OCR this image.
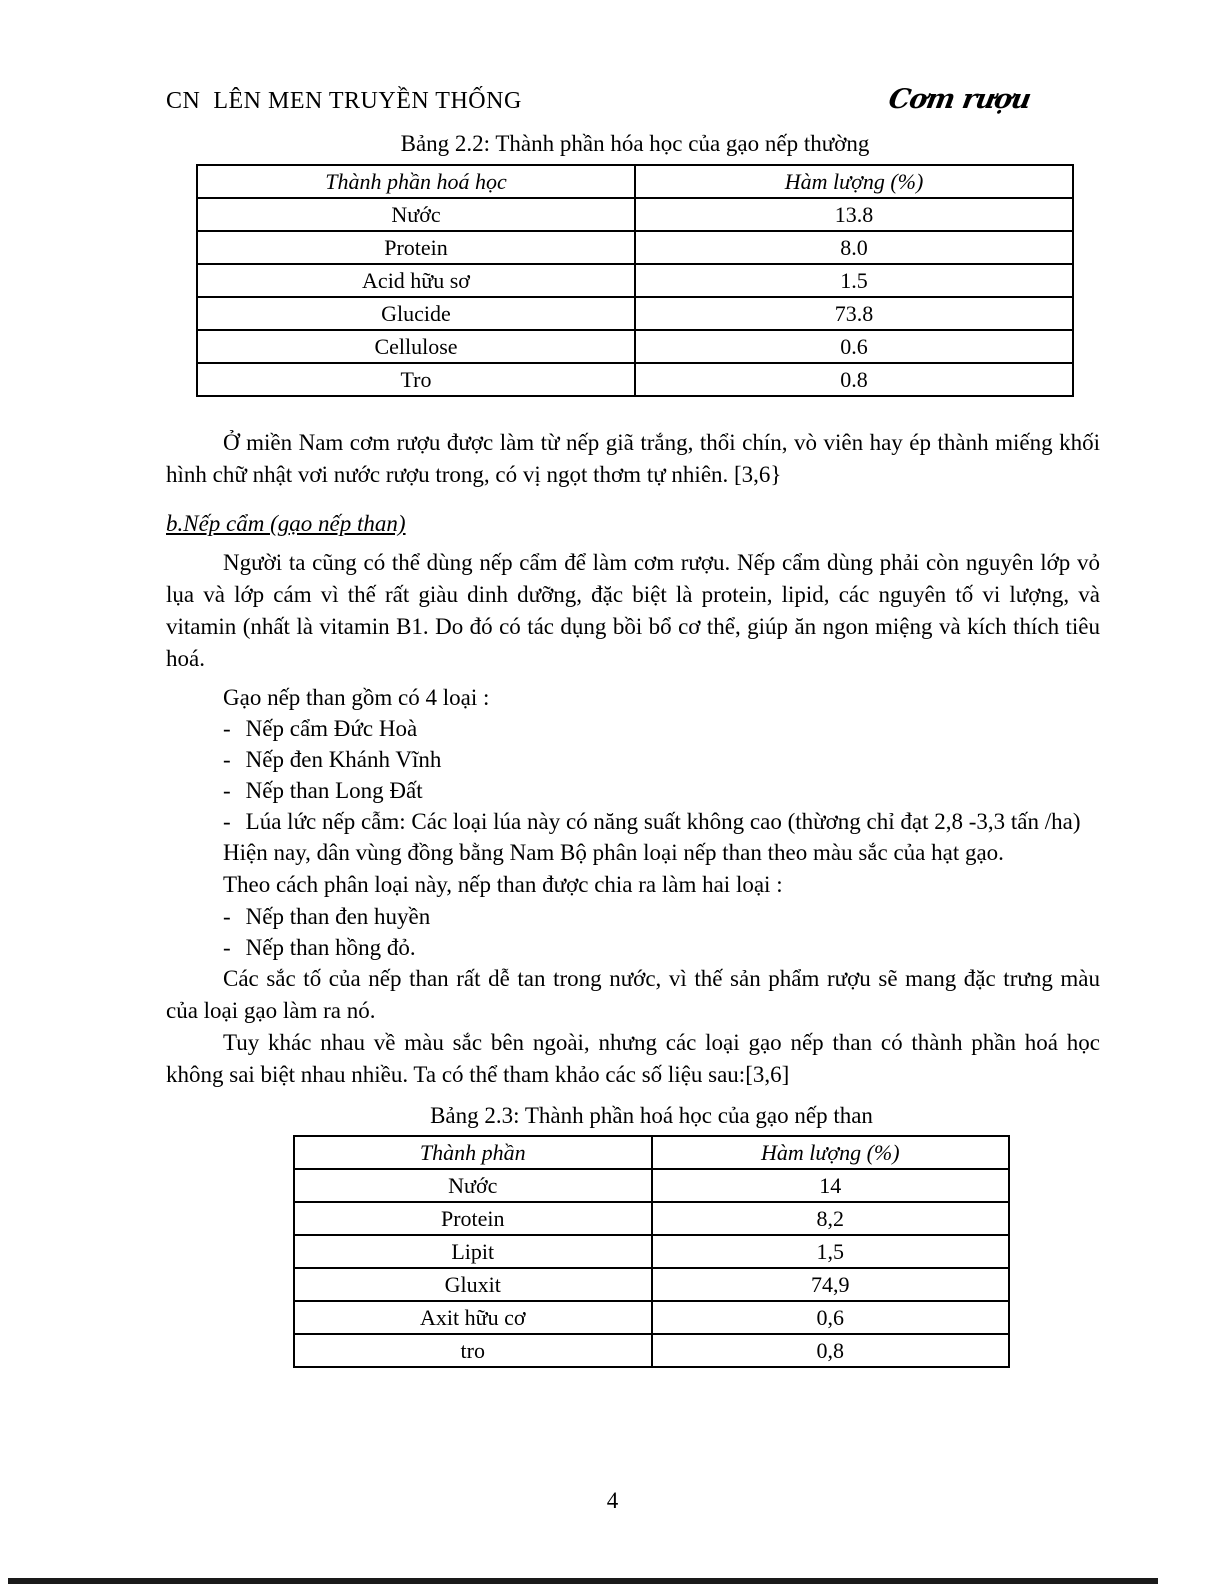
CN  LÊN MEN TRUYỀN THỐNG	Cơm rượu
Bảng 2.2: Thành phần hóa học của gạo nếp thường
Thành phần hoá học	Hàm lượng (%)
Nước	13.8
Protein	8.0
Acid hữu sơ	1.5
Glucide	73.8
Cellulose	0.6
Tro	0.8

Ở miền Nam cơm rượu được làm từ nếp giã trắng, thổi chín, vò viên hay ép thành miếng khối hình chữ nhật vơi nước rượu trong, có vị ngọt thơm tự nhiên. [3,6}

b.Nếp cẩm (gạo nếp than)

Người ta cũng có thể dùng nếp cẩm để làm cơm rượu. Nếp cẩm dùng phải còn nguyên lớp vỏ lụa và lớp cám vì thế rất giàu dinh dưỡng, đặc biệt là protein, lipid, các nguyên tố vi lượng, và vitamin (nhất là vitamin B1. Do đó có tác dụng bồi bổ cơ thể, giúp ăn ngon miệng và kích thích tiêu hoá.

Gạo nếp than gồm có 4 loại :
- Nếp cẩm Đức Hoà
- Nếp đen Khánh Vĩnh
- Nếp than Long Đất
- Lúa lức nếp cẫm: Các loại lúa này có năng suất không cao (thừơng chỉ đạt 2,8 -3,3 tấn /ha)
Hiện nay, dân vùng đồng bằng Nam Bộ phân loại nếp than theo màu sắc của hạt gạo.
Theo cách phân loại này, nếp than được chia ra làm hai loại :
- Nếp than đen huyền
- Nếp than hồng đỏ.

Các sắc tố của nếp than rất dễ tan trong nước, vì thế sản phẩm rượu sẽ mang đặc trưng màu của loại gạo làm ra nó.

Tuy khác nhau về màu sắc bên ngoài, nhưng các loại gạo nếp than có thành phần hoá học không sai biệt nhau nhiều. Ta có thể tham khảo các số liệu sau:[3,6]

Bảng 2.3: Thành phần hoá học của gạo nếp than
Thành phần	Hàm lượng (%)
Nước	14
Protein	8,2
Lipit	1,5
Gluxit	74,9
Axit hữu cơ	0,6
tro	0,8
4
